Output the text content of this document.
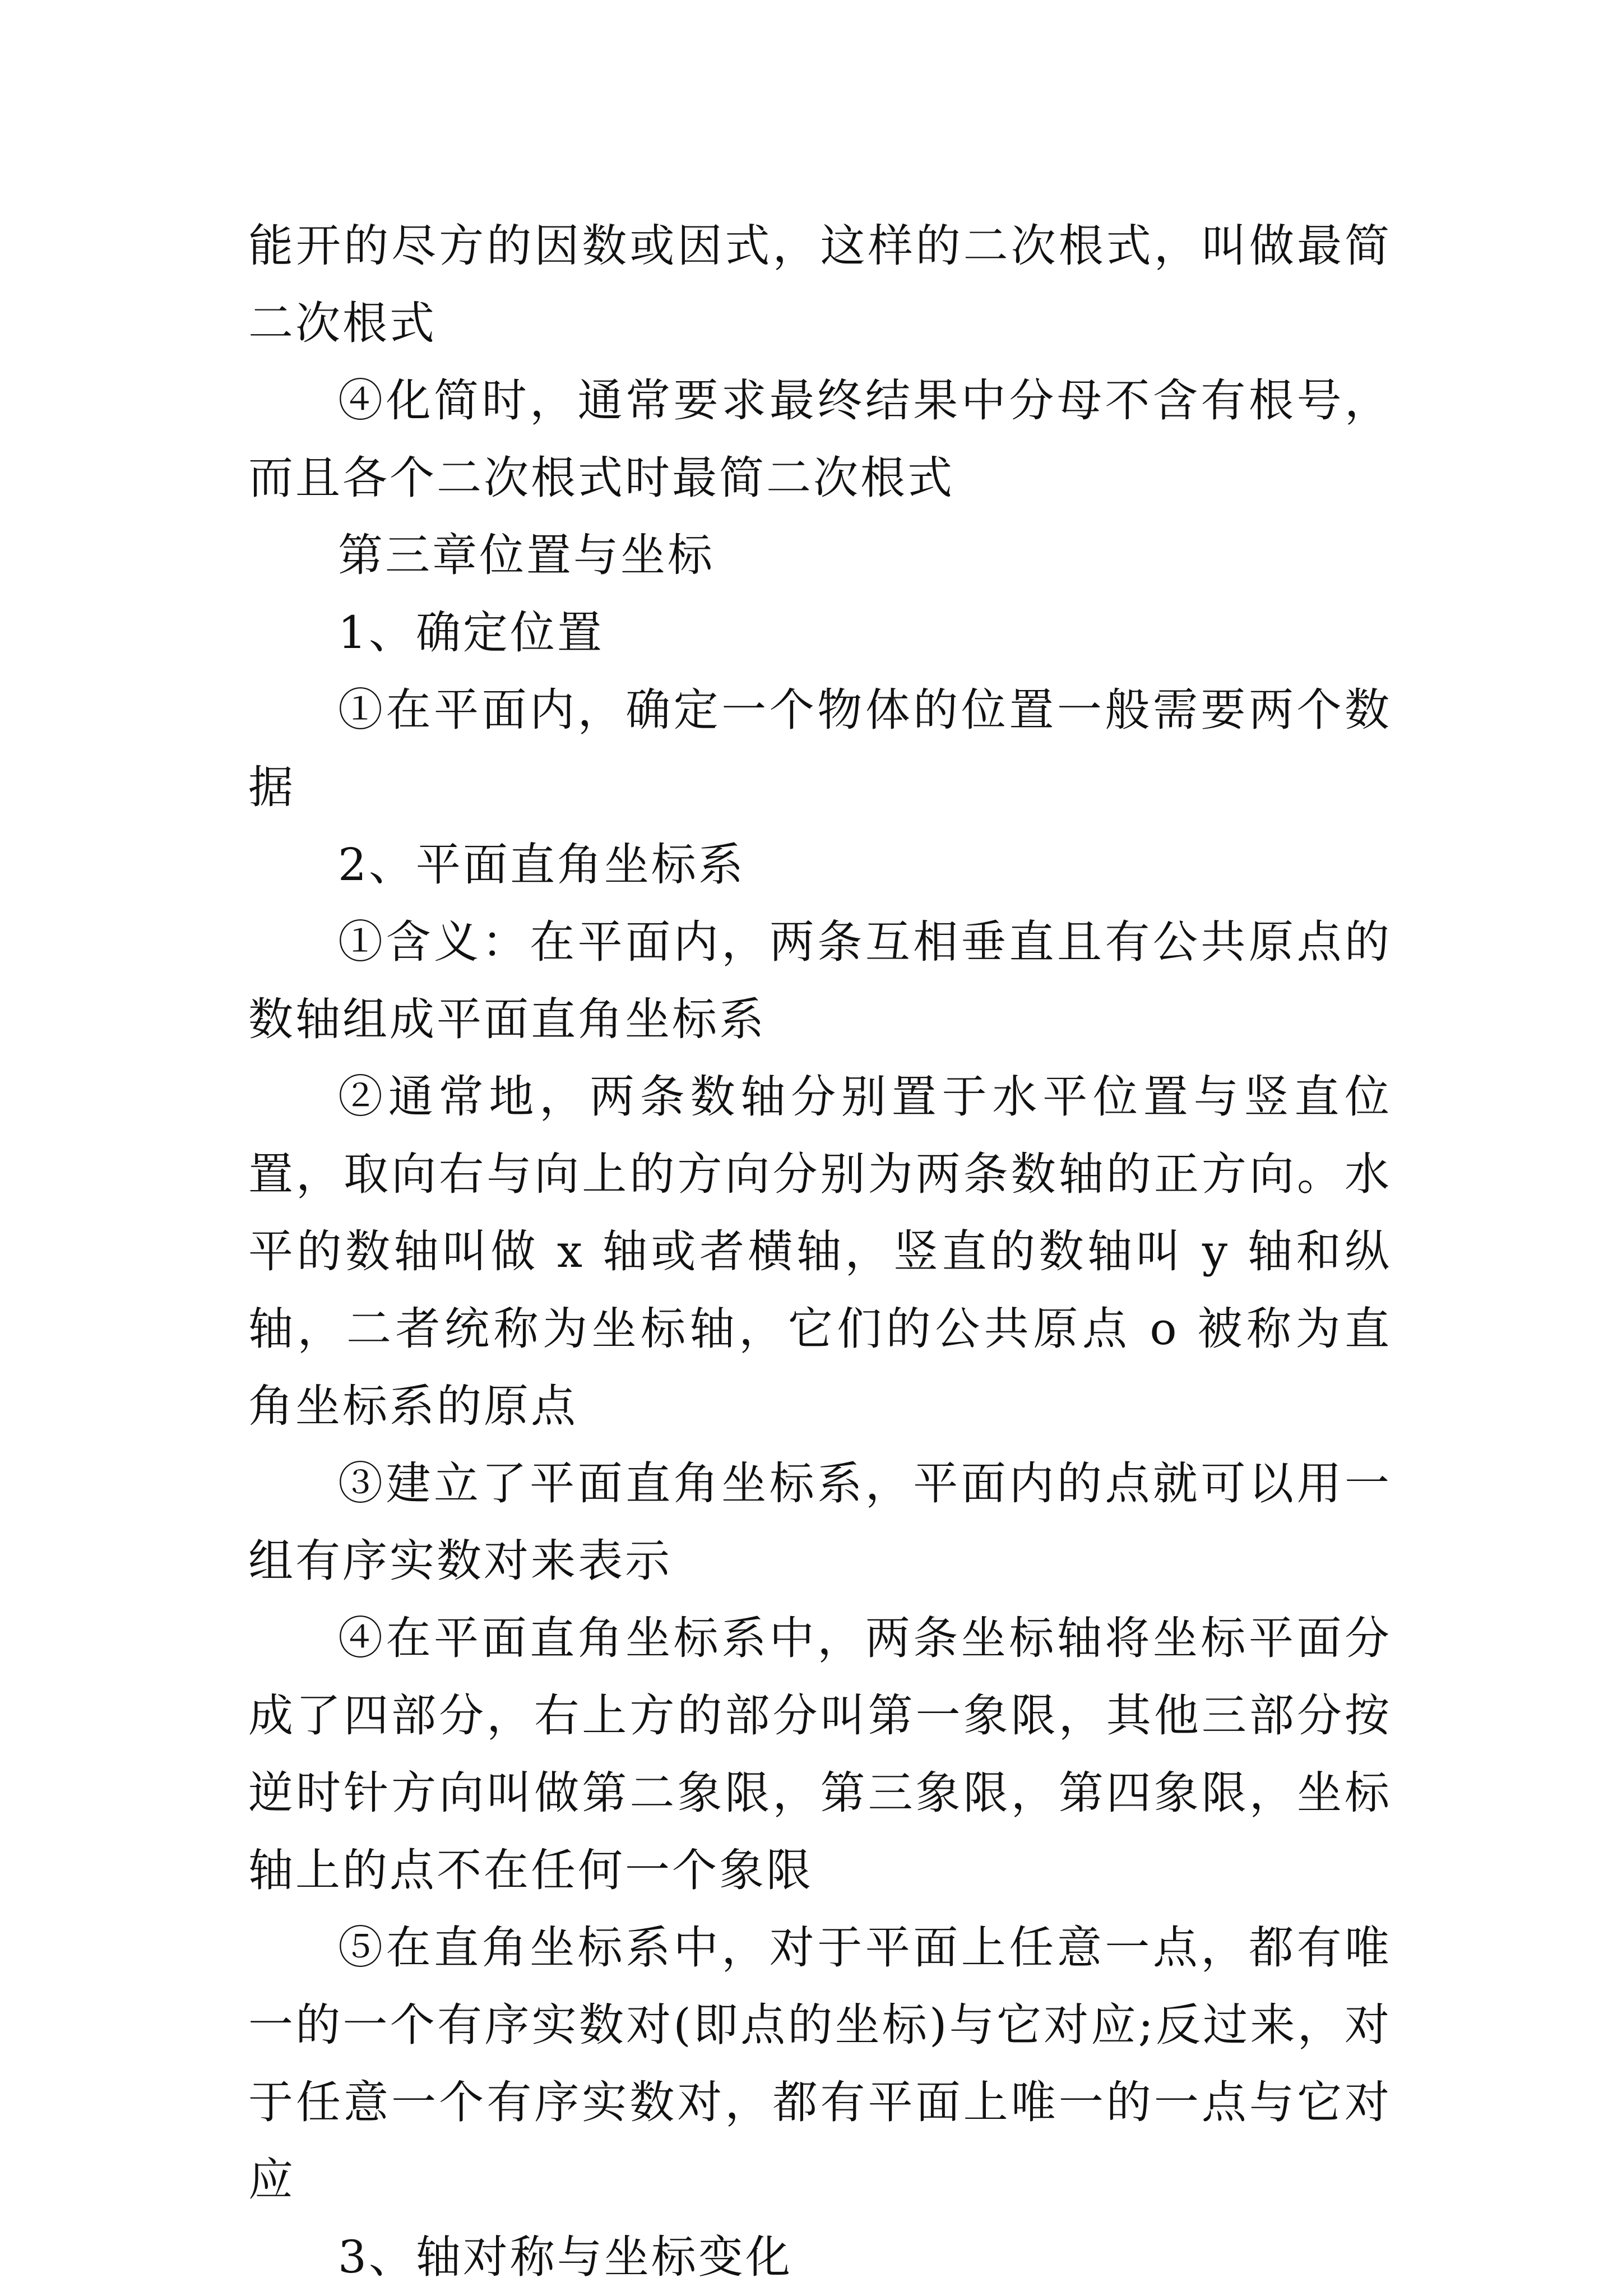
能开的尽方的因数或因式，这样的二次根式，叫做最简二次根式

④化简时，通常要求最终结果中分母不含有根号，而且各个二次根式时最简二次根式

第三章位置与坐标

1、确定位置

①在平面内，确定一个物体的位置一般需要两个数据

2、平面直角坐标系

①含义：在平面内，两条互相垂直且有公共原点的数轴组成平面直角坐标系

②通常地，两条数轴分别置于水平位置与竖直位置，取向右与向上的方向分别为两条数轴的正方向。水平的数轴叫做 x 轴或者横轴，竖直的数轴叫 y 轴和纵轴，二者统称为坐标轴，它们的公共原点 o 被称为直角坐标系的原点

③建立了平面直角坐标系，平面内的点就可以用一组有序实数对来表示

④在平面直角坐标系中，两条坐标轴将坐标平面分成了四部分，右上方的部分叫第一象限，其他三部分按逆时针方向叫做第二象限，第三象限，第四象限，坐标轴上的点不在任何一个象限

⑤在直角坐标系中，对于平面上任意一点，都有唯一的一个有序实数对(即点的坐标)与它对应;反过来，对于任意一个有序实数对，都有平面上唯一的一点与它对应

3、轴对称与坐标变化
